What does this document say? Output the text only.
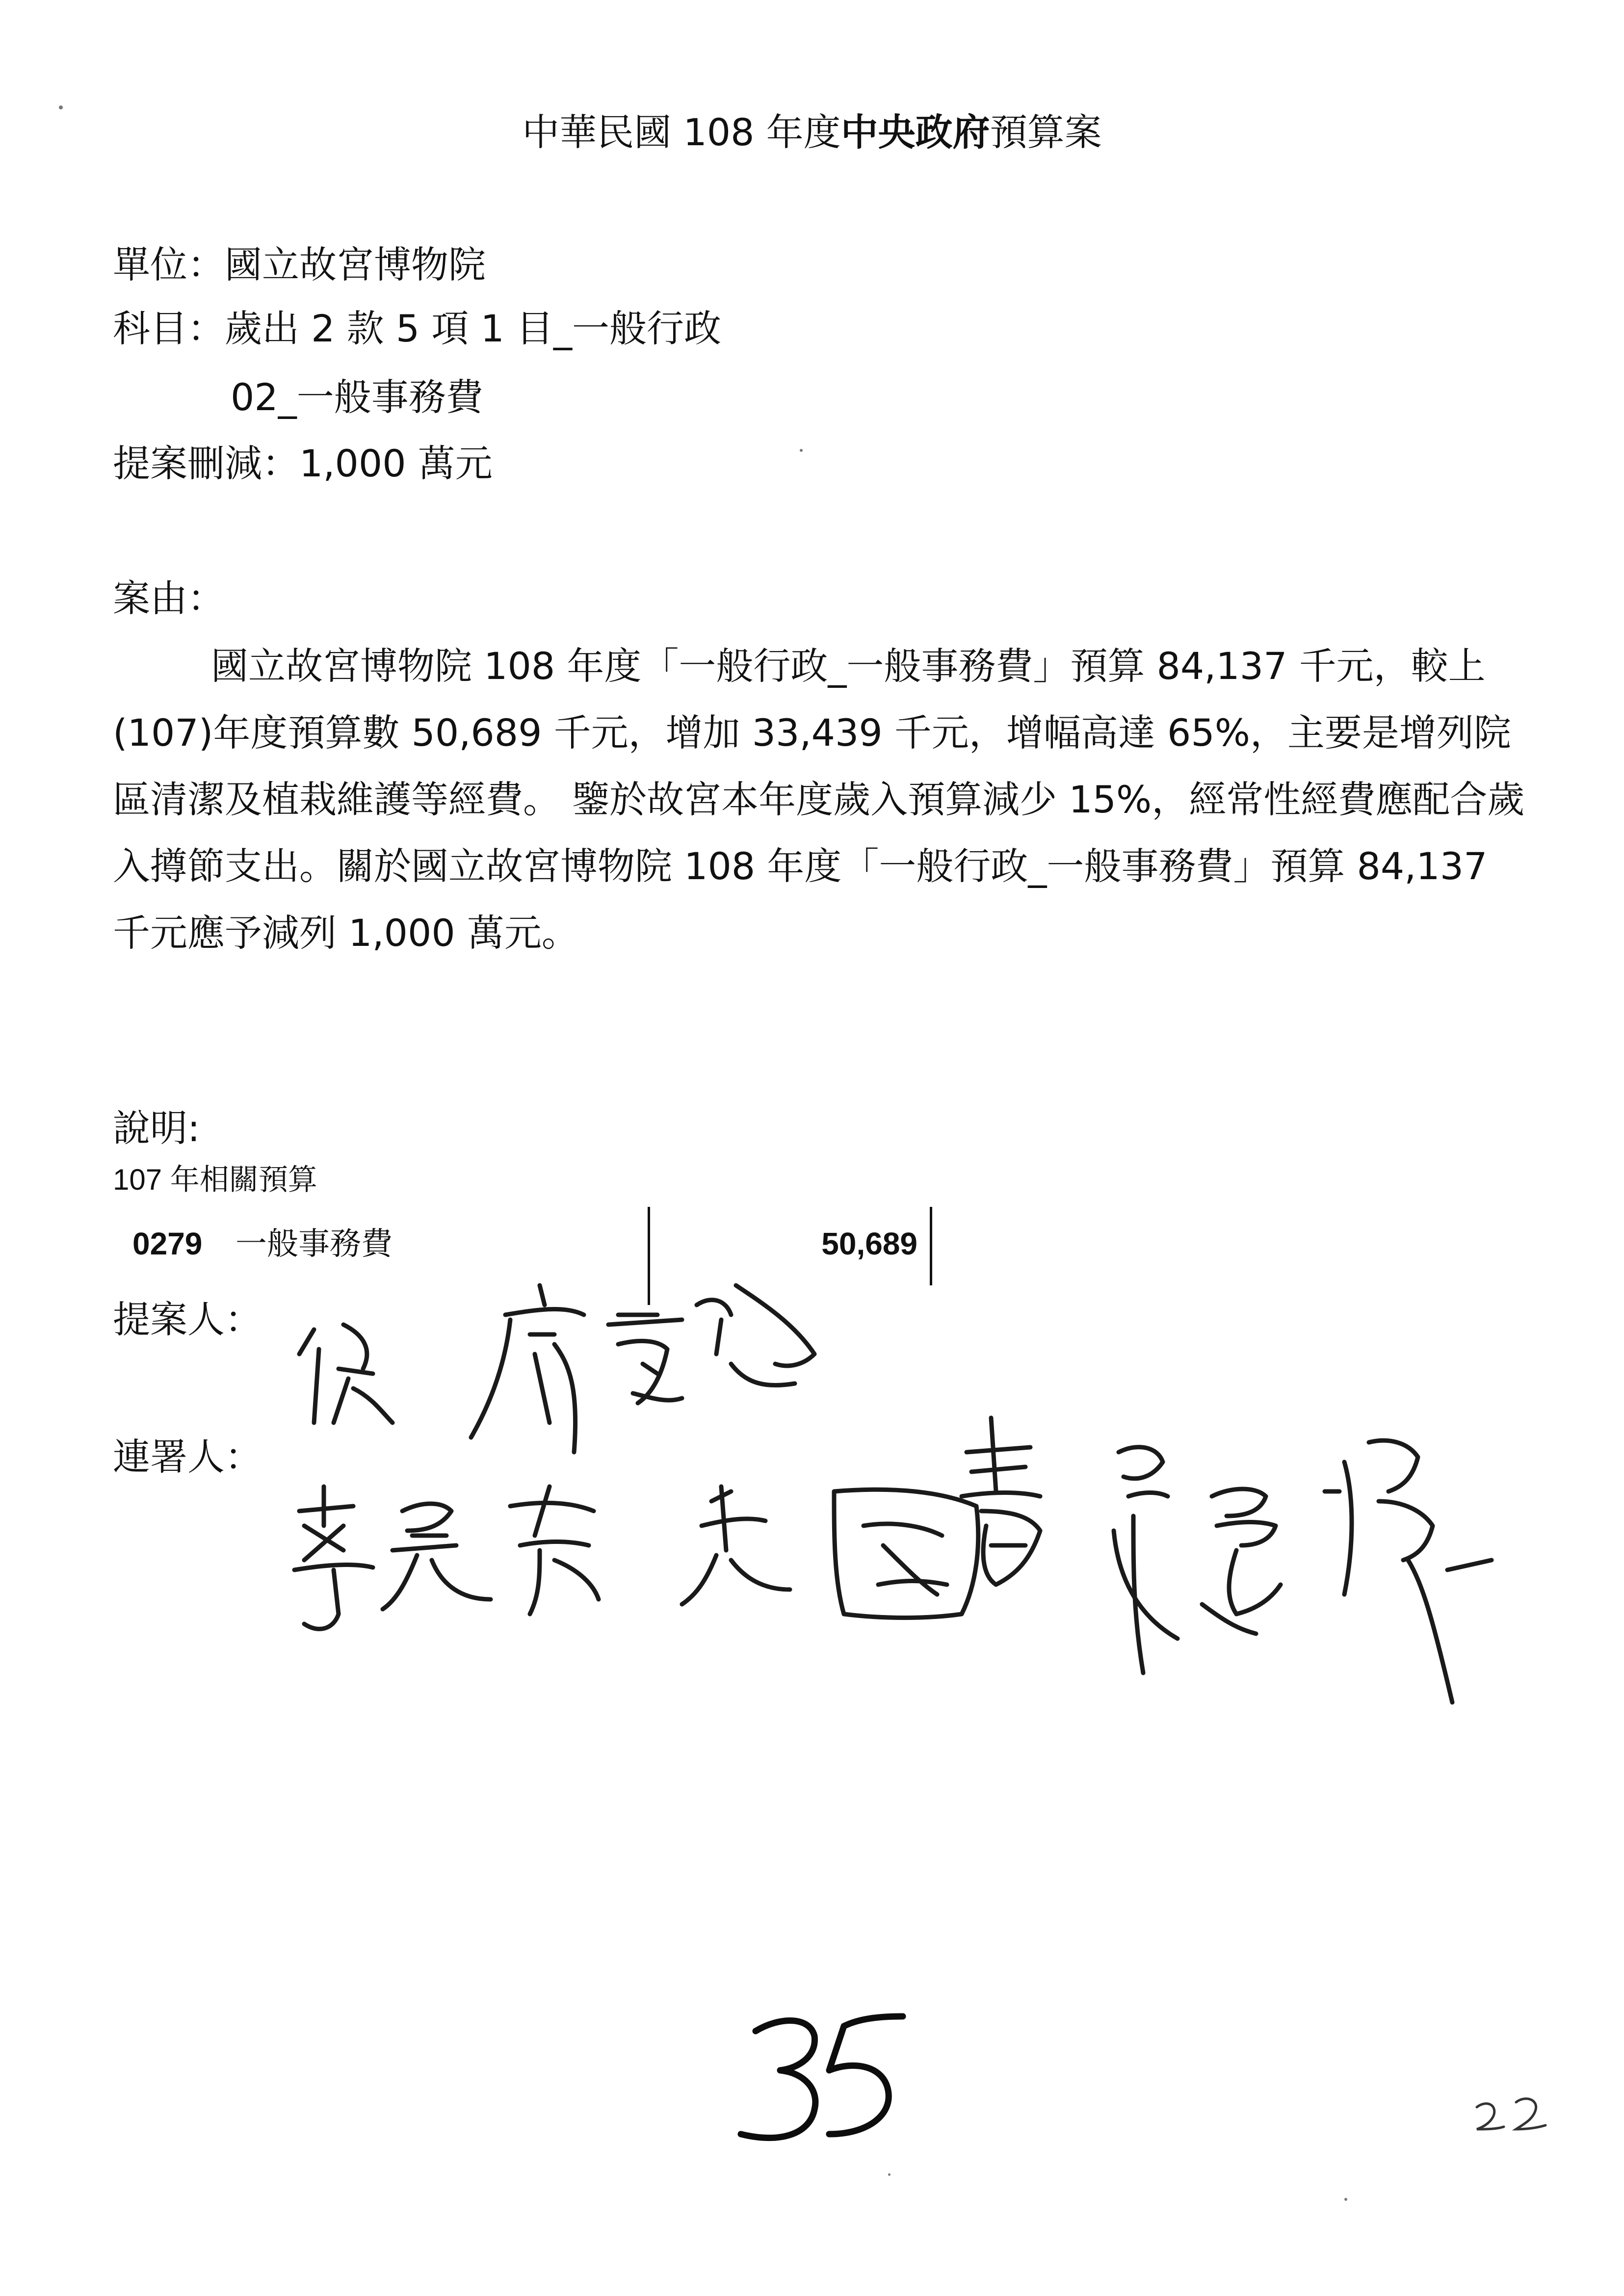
中華民國 108 年度中央政府預算案
單位：國立故宮博物院
科目：歲出 2 款 5 項 1 目_一般行政
02_一般事務費
提案刪減：1,000 萬元
案由：

國立故宮博物院 108 年度「一般行政_一般事務費」預算 84,137 千元，較上(107)年度預算數 50,689 千元，增加 33,439 千元，增幅高達 65%，主要是增列院區清潔及植栽維護等經費。 鑒於故宮本年度歲入預算減少 15%，經常性經費應配合歲入撙節支出。關於國立故宮博物院 108 年度「一般行政_一般事務費」預算 84,137 千元應予減列 1,000 萬元。

說明:
107 年相關預算
0279 一般事務費	50,689
提案人：
連署人：
